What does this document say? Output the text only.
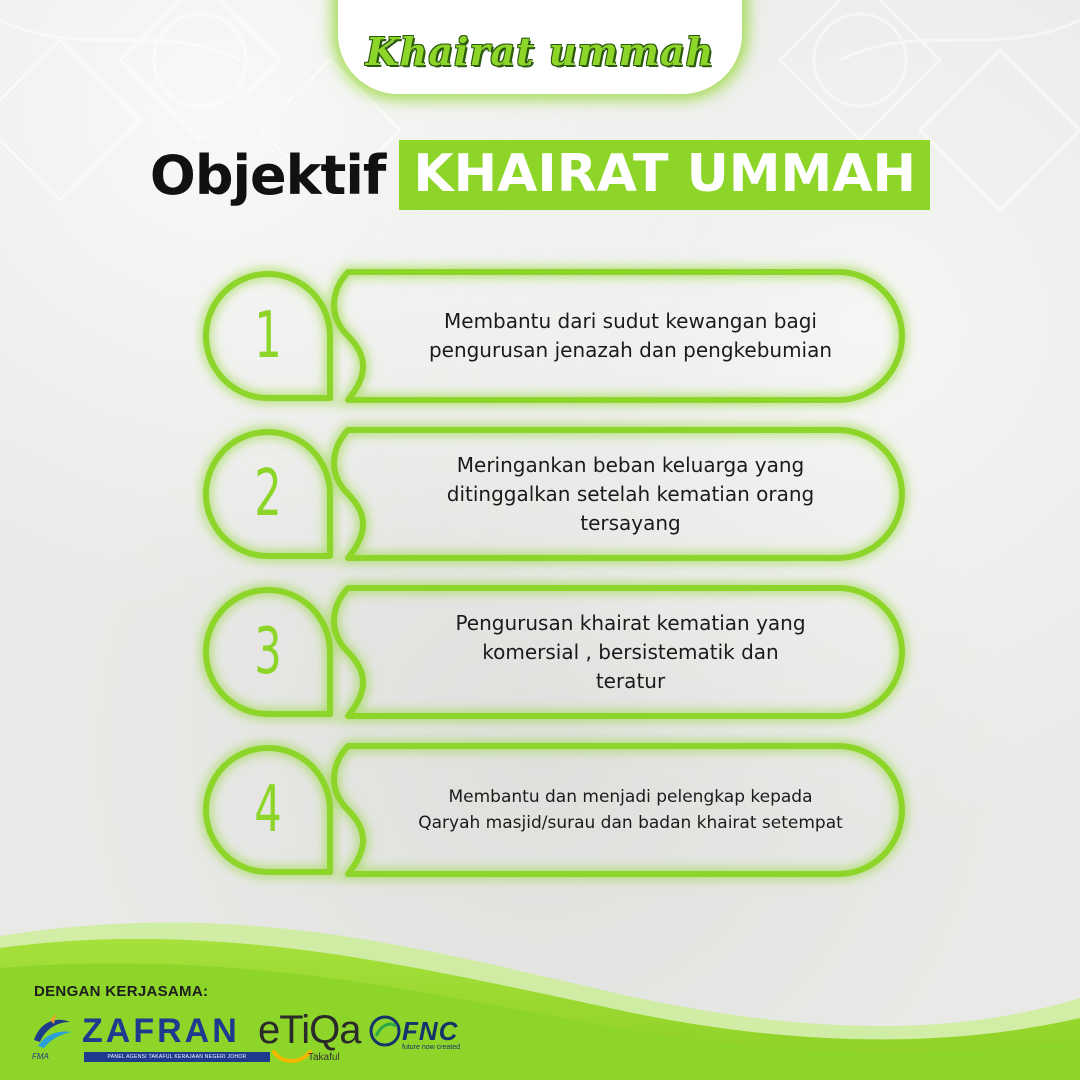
Khairat ummah
Objektif KHAIRAT UMMAH
1	Membantu dari sudut kewangan bagi
pengurusan jenazah dan pengkebumian
2	Meringankan beban keluarga yang
ditinggalkan setelah kematian orang
tersayang
3	Pengurusan khairat kematian yang
komersial , bersistematik dan
teratur
4	Membantu dan menjadi pelengkap kepada
Qaryah masjid/surau dan badan khairat setempat
DENGAN KERJASAMA:
FMA
ZAFRAN
PANEL AGENSI TAKAFUL KERAJAAN NEGERI JOHOR
eTiQa
Takaful
FNC
future now created
